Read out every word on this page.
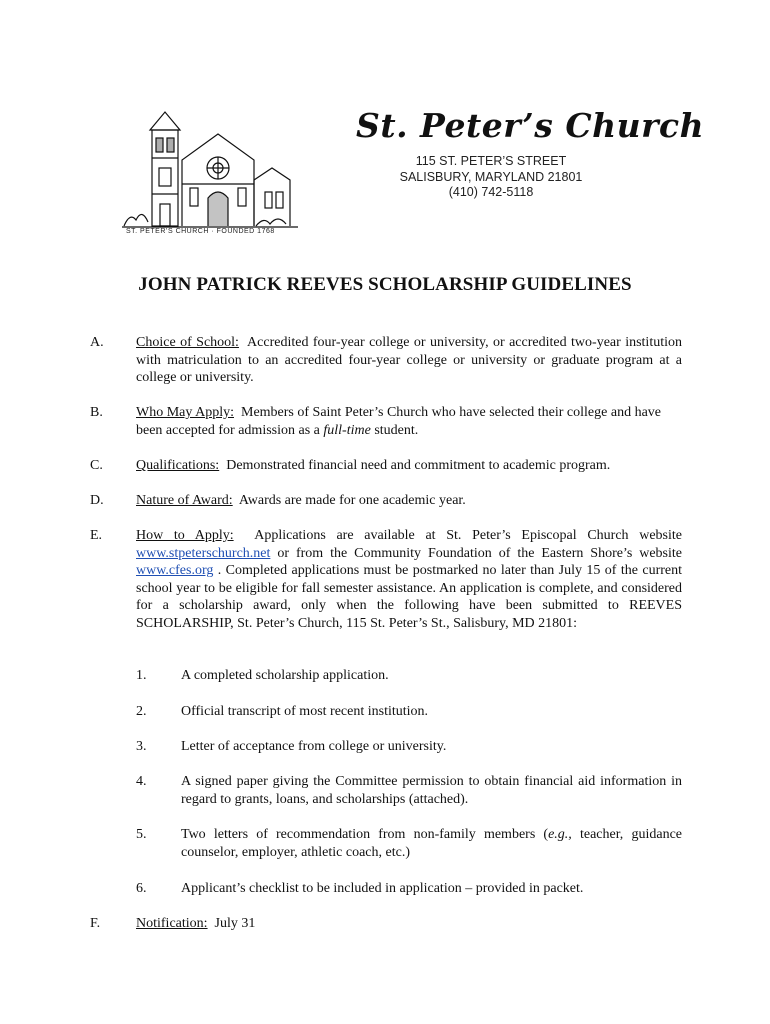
ST. PETER’S CHURCH · FOUNDED 1768
St. Peter’s Church
115 ST. PETER’S STREET
SALISBURY, MARYLAND 21801
(410) 742-5118
JOHN PATRICK REEVES SCHOLARSHIP GUIDELINES
A.	Choice of School: Accredited four-year college or university, or accredited two-year institution with matriculation to an accredited four-year college or university or graduate program at a college or university.
B.	Who May Apply: Members of Saint Peter’s Church who have selected their college and have been accepted for admission as a full-time student.
C.	Qualifications: Demonstrated financial need and commitment to academic program.
D.	Nature of Award: Awards are made for one academic year.
E.	How to Apply: Applications are available at St. Peter’s Episcopal Church website www.stpeterschurch.net or from the Community Foundation of the Eastern Shore’s website www.cfes.org . Completed applications must be postmarked no later than July 15 of the current school year to be eligible for fall semester assistance. An application is complete, and considered for a scholarship award, only when the following have been submitted to REEVES SCHOLARSHIP, St. Peter’s Church, 115 St. Peter’s St., Salisbury, MD 21801:
1.	A completed scholarship application.
2.	Official transcript of most recent institution.
3.	Letter of acceptance from college or university.
4.	A signed paper giving the Committee permission to obtain financial aid information in regard to grants, loans, and scholarships (attached).
5.	Two letters of recommendation from non-family members (e.g., teacher, guidance counselor, employer, athletic coach, etc.)
6.	Applicant’s checklist to be included in application – provided in packet.
F.	Notification: July 31
